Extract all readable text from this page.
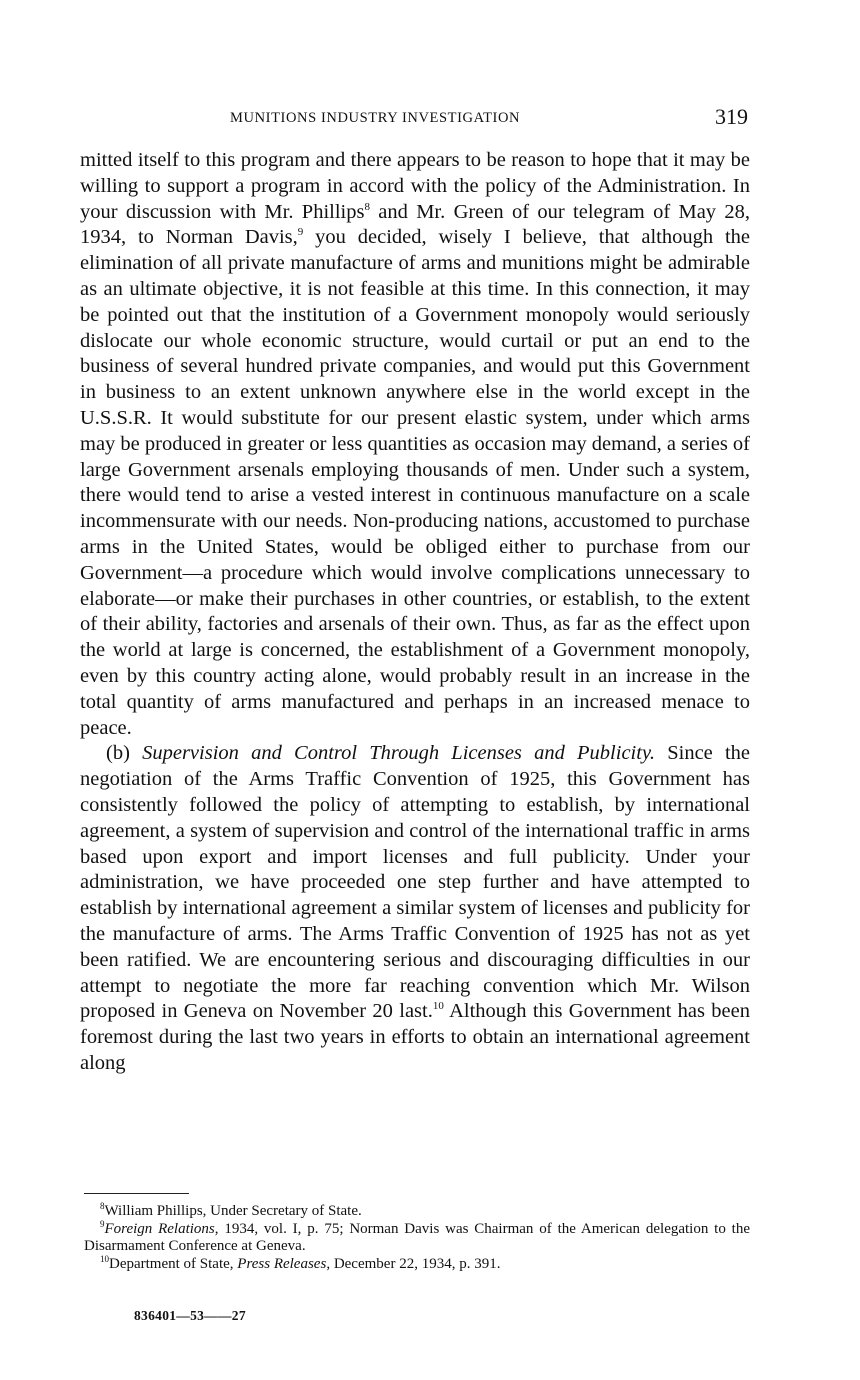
MUNITIONS INDUSTRY INVESTIGATION	319

mitted itself to this program and there appears to be reason to hope that it may be willing to support a program in accord with the policy of the Administration. In your discussion with Mr. Phillips$^8$ and Mr. Green of our telegram of May 28, 1934, to Norman Davis,$^9$ you decided, wisely I believe, that although the elimination of all private manufacture of arms and munitions might be admirable as an ultimate objective, it is not feasible at this time. In this connection, it may be pointed out that the institution of a Government monopoly would seriously dislocate our whole economic structure, would curtail or put an end to the business of several hundred private companies, and would put this Government in business to an extent unknown anywhere else in the world except in the U.S.S.R. It would substitute for our present elastic system, under which arms may be produced in greater or less quantities as occasion may demand, a series of large Government arsenals employing thousands of men. Under such a system, there would tend to arise a vested interest in continuous manufacture on a scale incommensurate with our needs. Non-producing nations, accustomed to purchase arms in the United States, would be obliged either to purchase from our Government—a procedure which would involve complications unnecessary to elaborate—or make their purchases in other countries, or establish, to the extent of their ability, factories and arsenals of their own. Thus, as far as the effect upon the world at large is concerned, the establishment of a Government monopoly, even by this country acting alone, would probably result in an increase in the total quantity of arms manufactured and perhaps in an increased menace to peace.

(b) Supervision and Control Through Licenses and Publicity. Since the negotiation of the Arms Traffic Convention of 1925, this Government has consistently followed the policy of attempting to establish, by international agreement, a system of supervision and control of the international traffic in arms based upon export and import licenses and full publicity. Under your administration, we have proceeded one step further and have attempted to establish by international agreement a similar system of licenses and publicity for the manufacture of arms. The Arms Traffic Convention of 1925 has not as yet been ratified. We are encountering serious and discouraging difficulties in our attempt to negotiate the more far reaching convention which Mr. Wilson proposed in Geneva on November 20 last.$^{10}$ Although this Government has been foremost during the last two years in efforts to obtain an international agreement along

$^8$William Phillips, Under Secretary of State.

$^9$Foreign Relations, 1934, vol. I, p. 75; Norman Davis was Chairman of the American delegation to the Disarmament Conference at Geneva.

$^{10}$Department of State, Press Releases, December 22, 1934, p. 391.

836401—53——27
